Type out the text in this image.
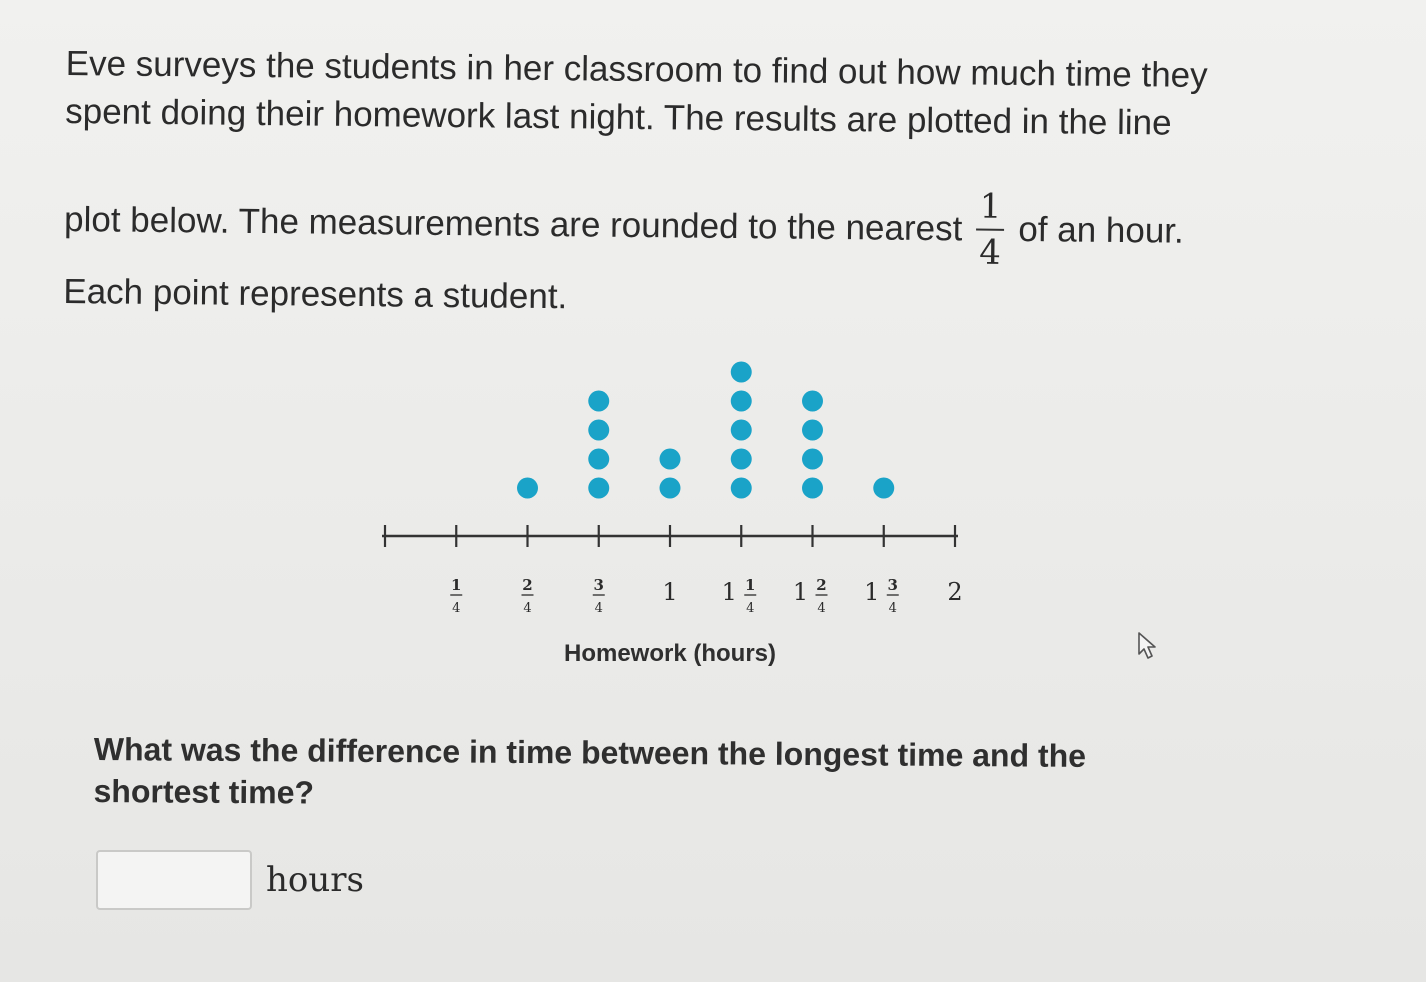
Eve surveys the students in her classroom to find out how much time they

spent doing their homework last night. The results are plotted in the line

plot below. The measurements are rounded to the nearest $\frac{1}{4}$ of an hour.

Each point represents a student.

1
4
2
4
3
4
1 1 1
4
1 2
4
1 3
4
2
Homework (hours)
What was the difference in time between the longest time and the shortest time?
hours
